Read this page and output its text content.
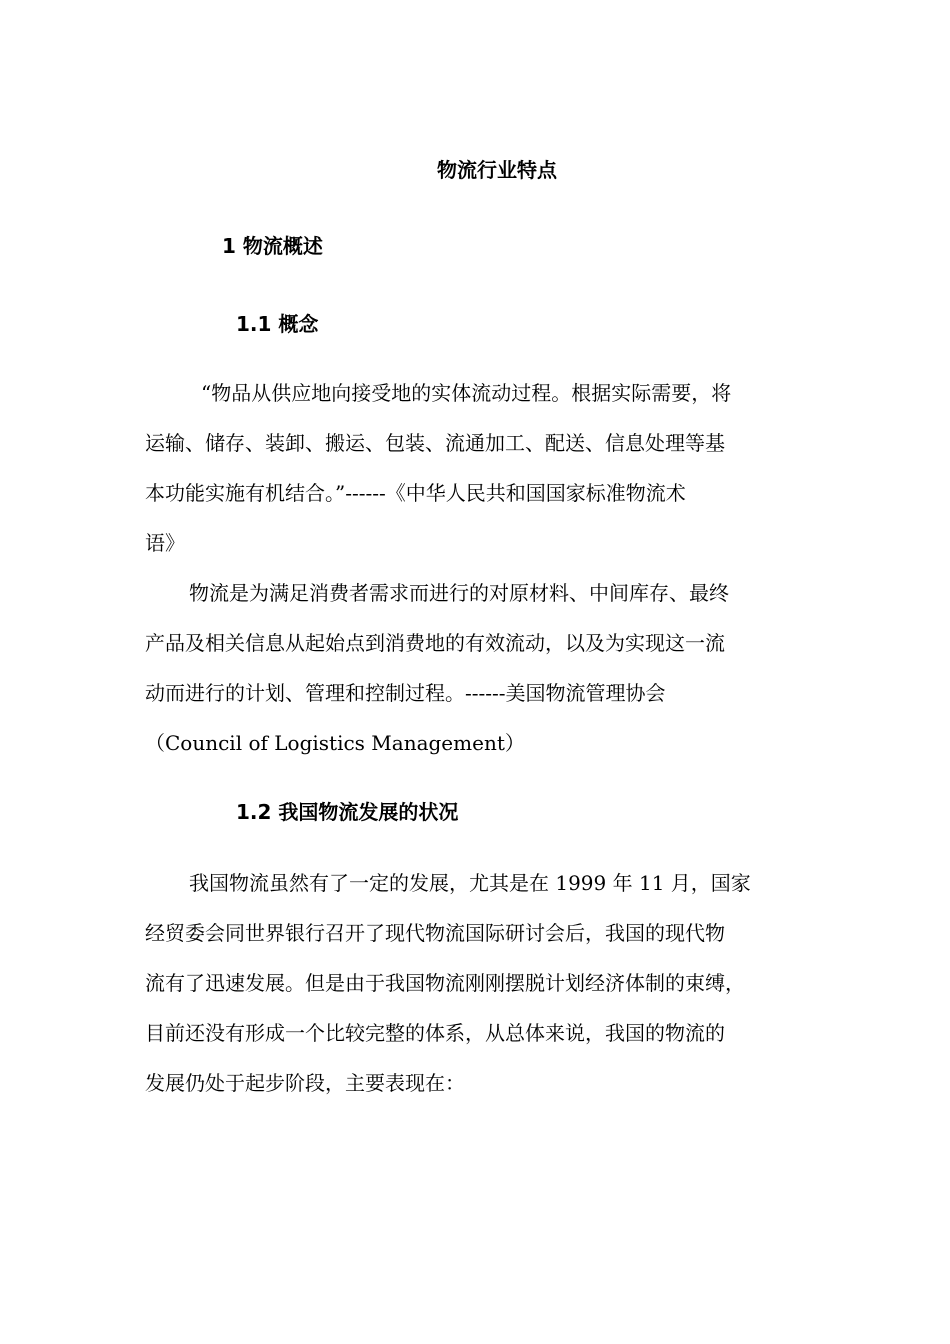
物流行业特点
1 物流概述
1.1 概念
“物品从供应地向接受地的实体流动过程。根据实际需要，将
运输、储存、装卸、搬运、包装、流通加工、配送、信息处理等基
本功能实施有机结合。”------《中华人民共和国国家标准物流术
语》
物流是为满足消费者需求而进行的对原材料、中间库存、最终
产品及相关信息从起始点到消费地的有效流动，以及为实现这一流
动而进行的计划、管理和控制过程。------美国物流管理协会
（Council of Logistics Management）
1.2 我国物流发展的状况
我国物流虽然有了一定的发展，尤其是在 1999 年 11 月，国家
经贸委会同世界银行召开了现代物流国际研讨会后，我国的现代物
流有了迅速发展。但是由于我国物流刚刚摆脱计划经济体制的束缚，
目前还没有形成一个比较完整的体系，从总体来说，我国的物流的
发展仍处于起步阶段，主要表现在：
